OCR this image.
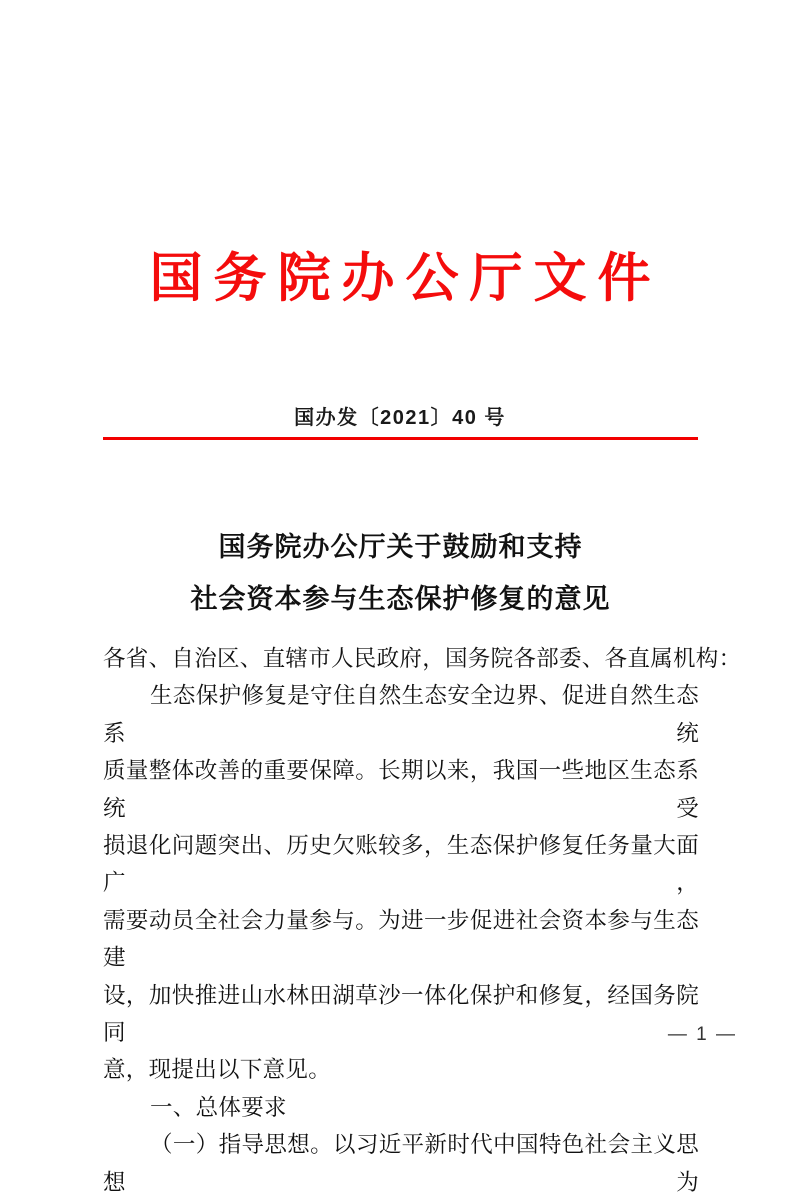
国务院办公厅文件
国办发〔2021〕40 号
国务院办公厅关于鼓励和支持
社会资本参与生态保护修复的意见
各省、自治区、直辖市人民政府，国务院各部委、各直属机构：
生态保护修复是守住自然生态安全边界、促进自然生态系统
质量整体改善的重要保障。长期以来，我国一些地区生态系统受
损退化问题突出、历史欠账较多，生态保护修复任务量大面广，
需要动员全社会力量参与。为进一步促进社会资本参与生态建
设，加快推进山水林田湖草沙一体化保护和修复，经国务院同
意，现提出以下意见。
一、总体要求
（一）指导思想。以习近平新时代中国特色社会主义思想为
— 1 —
